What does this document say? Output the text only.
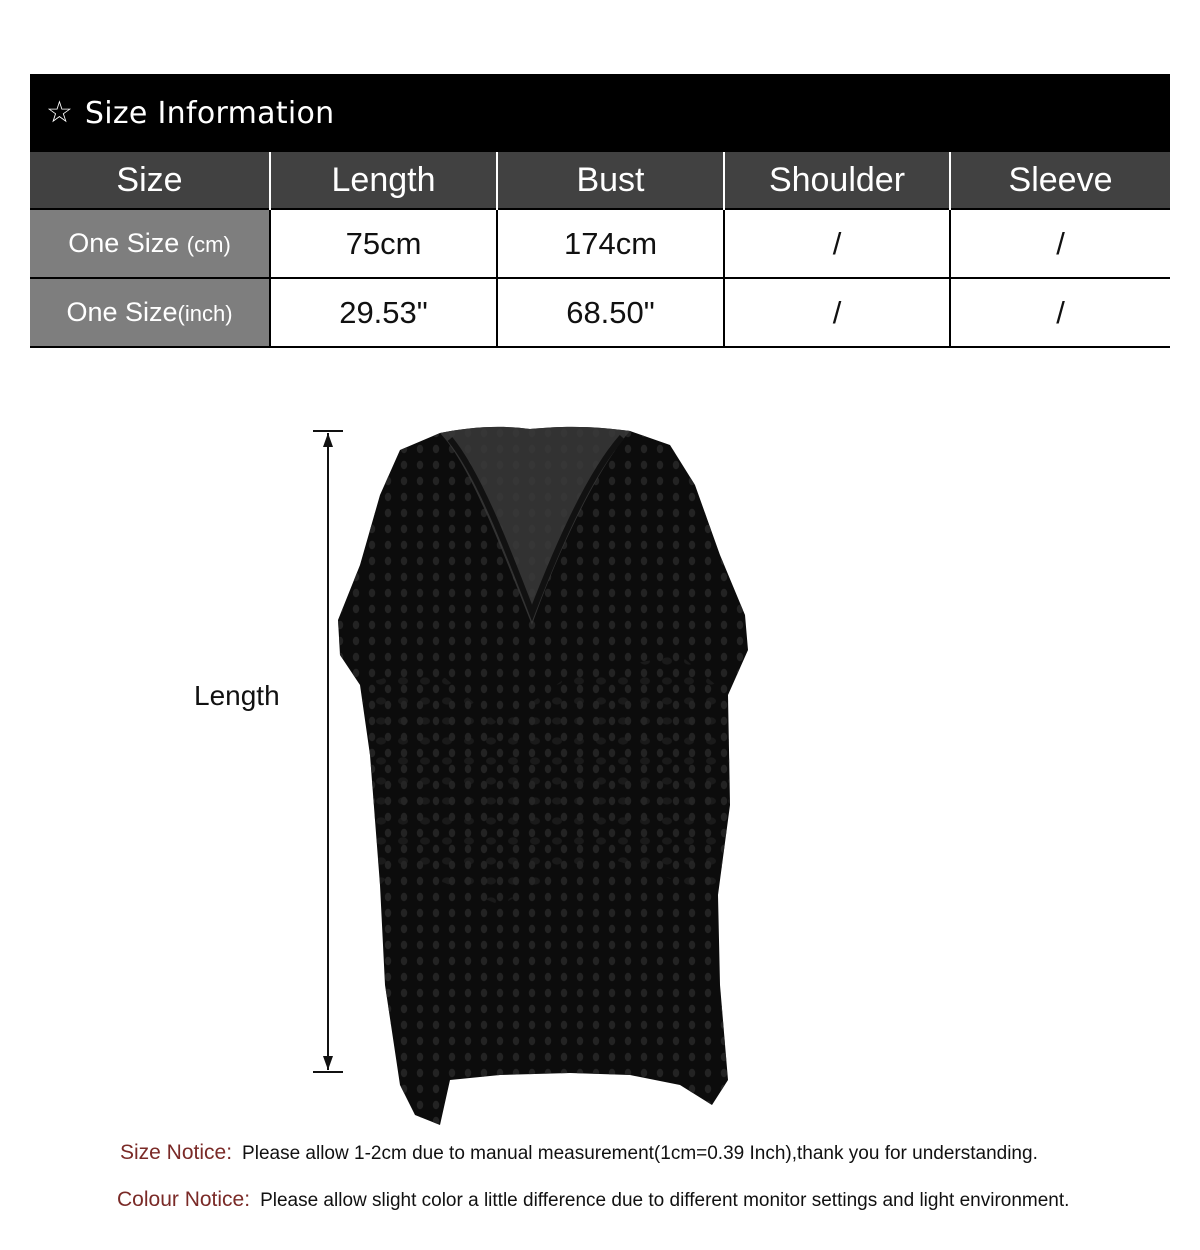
☆ Size Information
Size	Length	Bust	Shoulder	Sleeve
One Size (cm)	75cm	174cm	/	/
One Size(inch)	29.53"	68.50"	/	/
Length
Size Notice: Please allow 1-2cm due to manual measurement(1cm=0.39 Inch),thank you for understanding.
Colour Notice: Please allow slight color a little difference due to different monitor settings and light environment.
